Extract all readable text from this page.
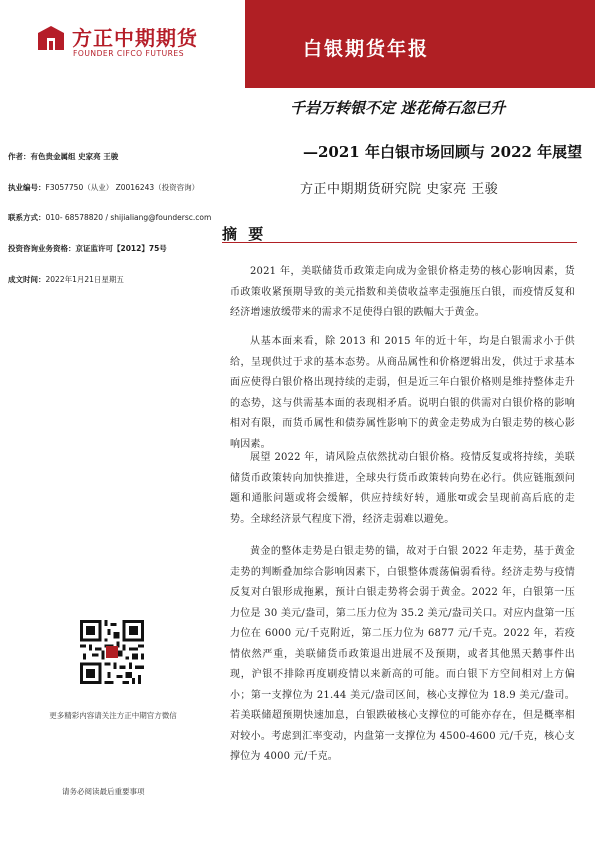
方正中期期货
FOUNDER CIFCO FUTURES	白银期货年报
千岩万转银不定 迷花倚石忽已升
—2021 年白银市场回顾与 2022 年展望
方正中期期货研究院 史家亮 王骏
作者：有色贵金属组 史家亮 王骏
执业编号：F3057750（从业） Z0016243（投资咨询）
联系方式：010- 68578820 / shijialiang@foundersc.com
投资咨询业务资格：京证监许可【2012】75号
成文时间：2022年1月21日星期五
更多精彩内容请关注方正中期官方微信
请务必阅读最后重要事项
摘 要

2021 年，美联储货币政策走向成为金银价格走势的核心影响因素，货币政策收紧预期导致的美元指数和美债收益率走强施压白银，而疫情反复和经济增速放缓带来的需求不足使得白银的跌幅大于黄金。

从基本面来看，除 2013 和 2015 年的近十年，均是白银需求小于供给，呈现供过于求的基本态势。从商品属性和价格逻辑出发，供过于求基本面应使得白银价格出现持续的走弱，但是近三年白银价格则是维持整体走升的态势，这与供需基本面的表现相矛盾。说明白银的供需对白银价格的影响相对有限，而货币属性和债券属性影响下的黄金走势成为白银走势的核心影响因素。

展望 2022 年，请风险点依然扰动白银价格。疫情反复或将持续，美联储货币政策转向加快推进，全球央行货币政策转向势在必行。供应链瓶颈问题和通胀问题或将会缓解，供应持续好转，通胀या或会呈现前高后底的走势。全球经济景气程度下滑，经济走弱难以避免。

黄金的整体走势是白银走势的锚，故对于白银 2022 年走势，基于黄金走势的判断叠加综合影响因素下，白银整体震荡偏弱看待。经济走势与疫情反复对白银形成拖累，预计白银走势将会弱于黄金。2022 年，白银第一压力位是 30 美元/盎司，第二压力位为 35.2 美元/盎司关口。对应内盘第一压力位在 6000 元/千克附近，第二压力位为 6877 元/千克。2022 年，若疫情依然严重，美联储货币政策退出进展不及预期，或者其他黑天鹅事件出现，沪银不排除再度刷疫情以来新高的可能。而白银下方空间相对上方偏小；第一支撑位为 21.44 美元/盎司区间，核心支撑位为 18.9 美元/盎司。若美联储超预期快速加息，白银跌破核心支撑位的可能亦存在，但是概率相对较小。考虑到汇率变动，内盘第一支撑位为 4500-4600 元/千克，核心支撑位为 4000 元/千克。
